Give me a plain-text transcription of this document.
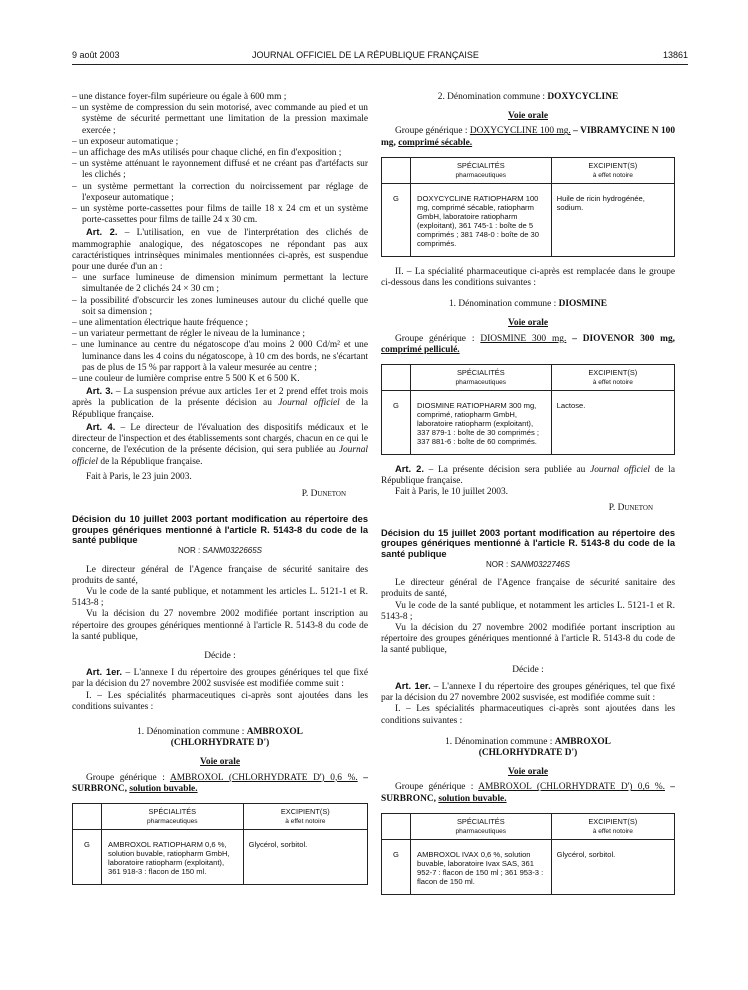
9 août 2003	JOURNAL OFFICIEL DE LA RÉPUBLIQUE FRANÇAISE	13861

– une distance foyer-film supérieure ou égale à 600 mm ;

– un système de compression du sein motorisé, avec commande au pied et un système de sécurité permettant une limitation de la pression maximale exercée ;

– un exposeur automatique ;

– un affichage des mAs utilisés pour chaque cliché, en fin d'exposition ;

– un système atténuant le rayonnement diffusé et ne créant pas d'artéfacts sur les clichés ;

– un système permettant la correction du noircissement par réglage de l'exposeur automatique ;

– un système porte-cassettes pour films de taille 18 x 24 cm et un système porte-cassettes pour films de taille 24 x 30 cm.

Art. 2. – L'utilisation, en vue de l'interprétation des clichés de mammographie analogique, des négatoscopes ne répondant pas aux caractéristiques intrinsèques minimales mentionnées ci-après, est suspendue pour une durée d'un an :

– une surface lumineuse de dimension minimum permettant la lecture simultanée de 2 clichés 24 × 30 cm ;

– la possibilité d'obscurcir les zones lumineuses autour du cliché quelle que soit sa dimension ;

– une alimentation électrique haute fréquence ;

– un variateur permettant de régler le niveau de la luminance ;

– une luminance au centre du négatoscope d'au moins 2 000 Cd/m² et une luminance dans les 4 coins du négatoscope, à 10 cm des bords, ne s'écartant pas de plus de 15 % par rapport à la valeur mesurée au centre ;

– une couleur de lumière comprise entre 5 500 K et 6 500 K.

Art. 3. – La suspension prévue aux articles 1er et 2 prend effet trois mois après la publication de la présente décision au Journal officiel de la République française.

Art. 4. – Le directeur de l'évaluation des dispositifs médicaux et le directeur de l'inspection et des établissements sont chargés, chacun en ce qui le concerne, de l'exécution de la présente décision, qui sera publiée au Journal officiel de la République française.

Fait à Paris, le 23 juin 2003.

P. Duneton

Décision du 10 juillet 2003 portant modification au répertoire des groupes génériques mentionné à l'article R. 5143-8 du code de la santé publique

NOR : SANM0322665S

Le directeur général de l'Agence française de sécurité sanitaire des produits de santé,

Vu le code de la santé publique, et notamment les articles L. 5121-1 et R. 5143-8 ;

Vu la décision du 27 novembre 2002 modifiée portant inscription au répertoire des groupes génériques mentionné à l'article R. 5143-8 du code de la santé publique,

Décide :

Art. 1er. – L'annexe I du répertoire des groupes génériques tel que fixé par la décision du 27 novembre 2002 susvisée est modifiée comme suit :

I. – Les spécialités pharmaceutiques ci-après sont ajoutées dans les conditions suivantes :

1. Dénomination commune : AMBROXOL

(CHLORHYDRATE D')

Voie orale

Groupe générique : AMBROXOL (CHLORHYDRATE D') 0,6 %. – SURBRONC, solution buvable.

	SPÉCIALITÉS
pharmaceutiques	EXCIPIENT(S)
à effet notoire
G	AMBROXOL RATIOPHARM 0,6 %, solution buvable, ratiopharm GmbH, laboratoire ratiopharm (exploitant), 361 918-3 : flacon de 150 ml.	Glycérol, sorbitol.

2. Dénomination commune : DOXYCYCLINE

Voie orale

Groupe générique : DOXYCYCLINE 100 mg. – VIBRAMYCINE N 100 mg, comprimé sécable.

	SPÉCIALITÉS
pharmaceutiques	EXCIPIENT(S)
à effet notoire
G	DOXYCYCLINE RATIOPHARM 100 mg, comprimé sécable, ratiopharm GmbH, laboratoire ratiopharm (exploitant), 361 745-1 : boîte de 5 comprimés ; 381 748-0 : boîte de 30 comprimés.	Huile de ricin hydrogénée, sodium.

II. – La spécialité pharmaceutique ci-après est remplacée dans le groupe ci-dessous dans les conditions suivantes :

1. Dénomination commune : DIOSMINE

Voie orale

Groupe générique : DIOSMINE 300 mg. – DIOVENOR 300 mg, comprimé pelliculé.

	SPÉCIALITÉS
pharmaceutiques	EXCIPIENT(S)
à effet notoire
G	DIOSMINE RATIOPHARM 300 mg, comprimé, ratiopharm GmbH, laboratoire ratiopharm (exploitant), 337 879-1 : boîte de 30 comprimés ; 337 881-6 : boîte de 60 comprimés.	Lactose.

Art. 2. – La présente décision sera publiée au Journal officiel de la République française.

Fait à Paris, le 10 juillet 2003.

P. Duneton

Décision du 15 juillet 2003 portant modification au répertoire des groupes génériques mentionné à l'article R. 5143-8 du code de la santé publique

NOR : SANM0322746S

Le directeur général de l'Agence française de sécurité sanitaire des produits de santé,

Vu le code de la santé publique, et notamment les articles L. 5121-1 et R. 5143-8 ;

Vu la décision du 27 novembre 2002 modifiée portant inscription au répertoire des groupes génériques mentionné à l'article R. 5143-8 du code de la santé publique,

Décide :

Art. 1er. – L'annexe I du répertoire des groupes génériques, tel que fixé par la décision du 27 novembre 2002 susvisée, est modifiée comme suit :

I. – Les spécialités pharmaceutiques ci-après sont ajoutées dans les conditions suivantes :

1. Dénomination commune : AMBROXOL

(CHLORHYDRATE D')

Voie orale

Groupe générique : AMBROXOL (CHLORHYDRATE D') 0,6 %. – SURBRONC, solution buvable.

	SPÉCIALITÉS
pharmaceutiques	EXCIPIENT(S)
à effet notoire
G	AMBROXOL IVAX 0,6 %, solution buvable, laboratoire Ivax SAS, 361 952-7 : flacon de 150 ml ; 361 953-3 : flacon de 150 ml.	Glycérol, sorbitol.
